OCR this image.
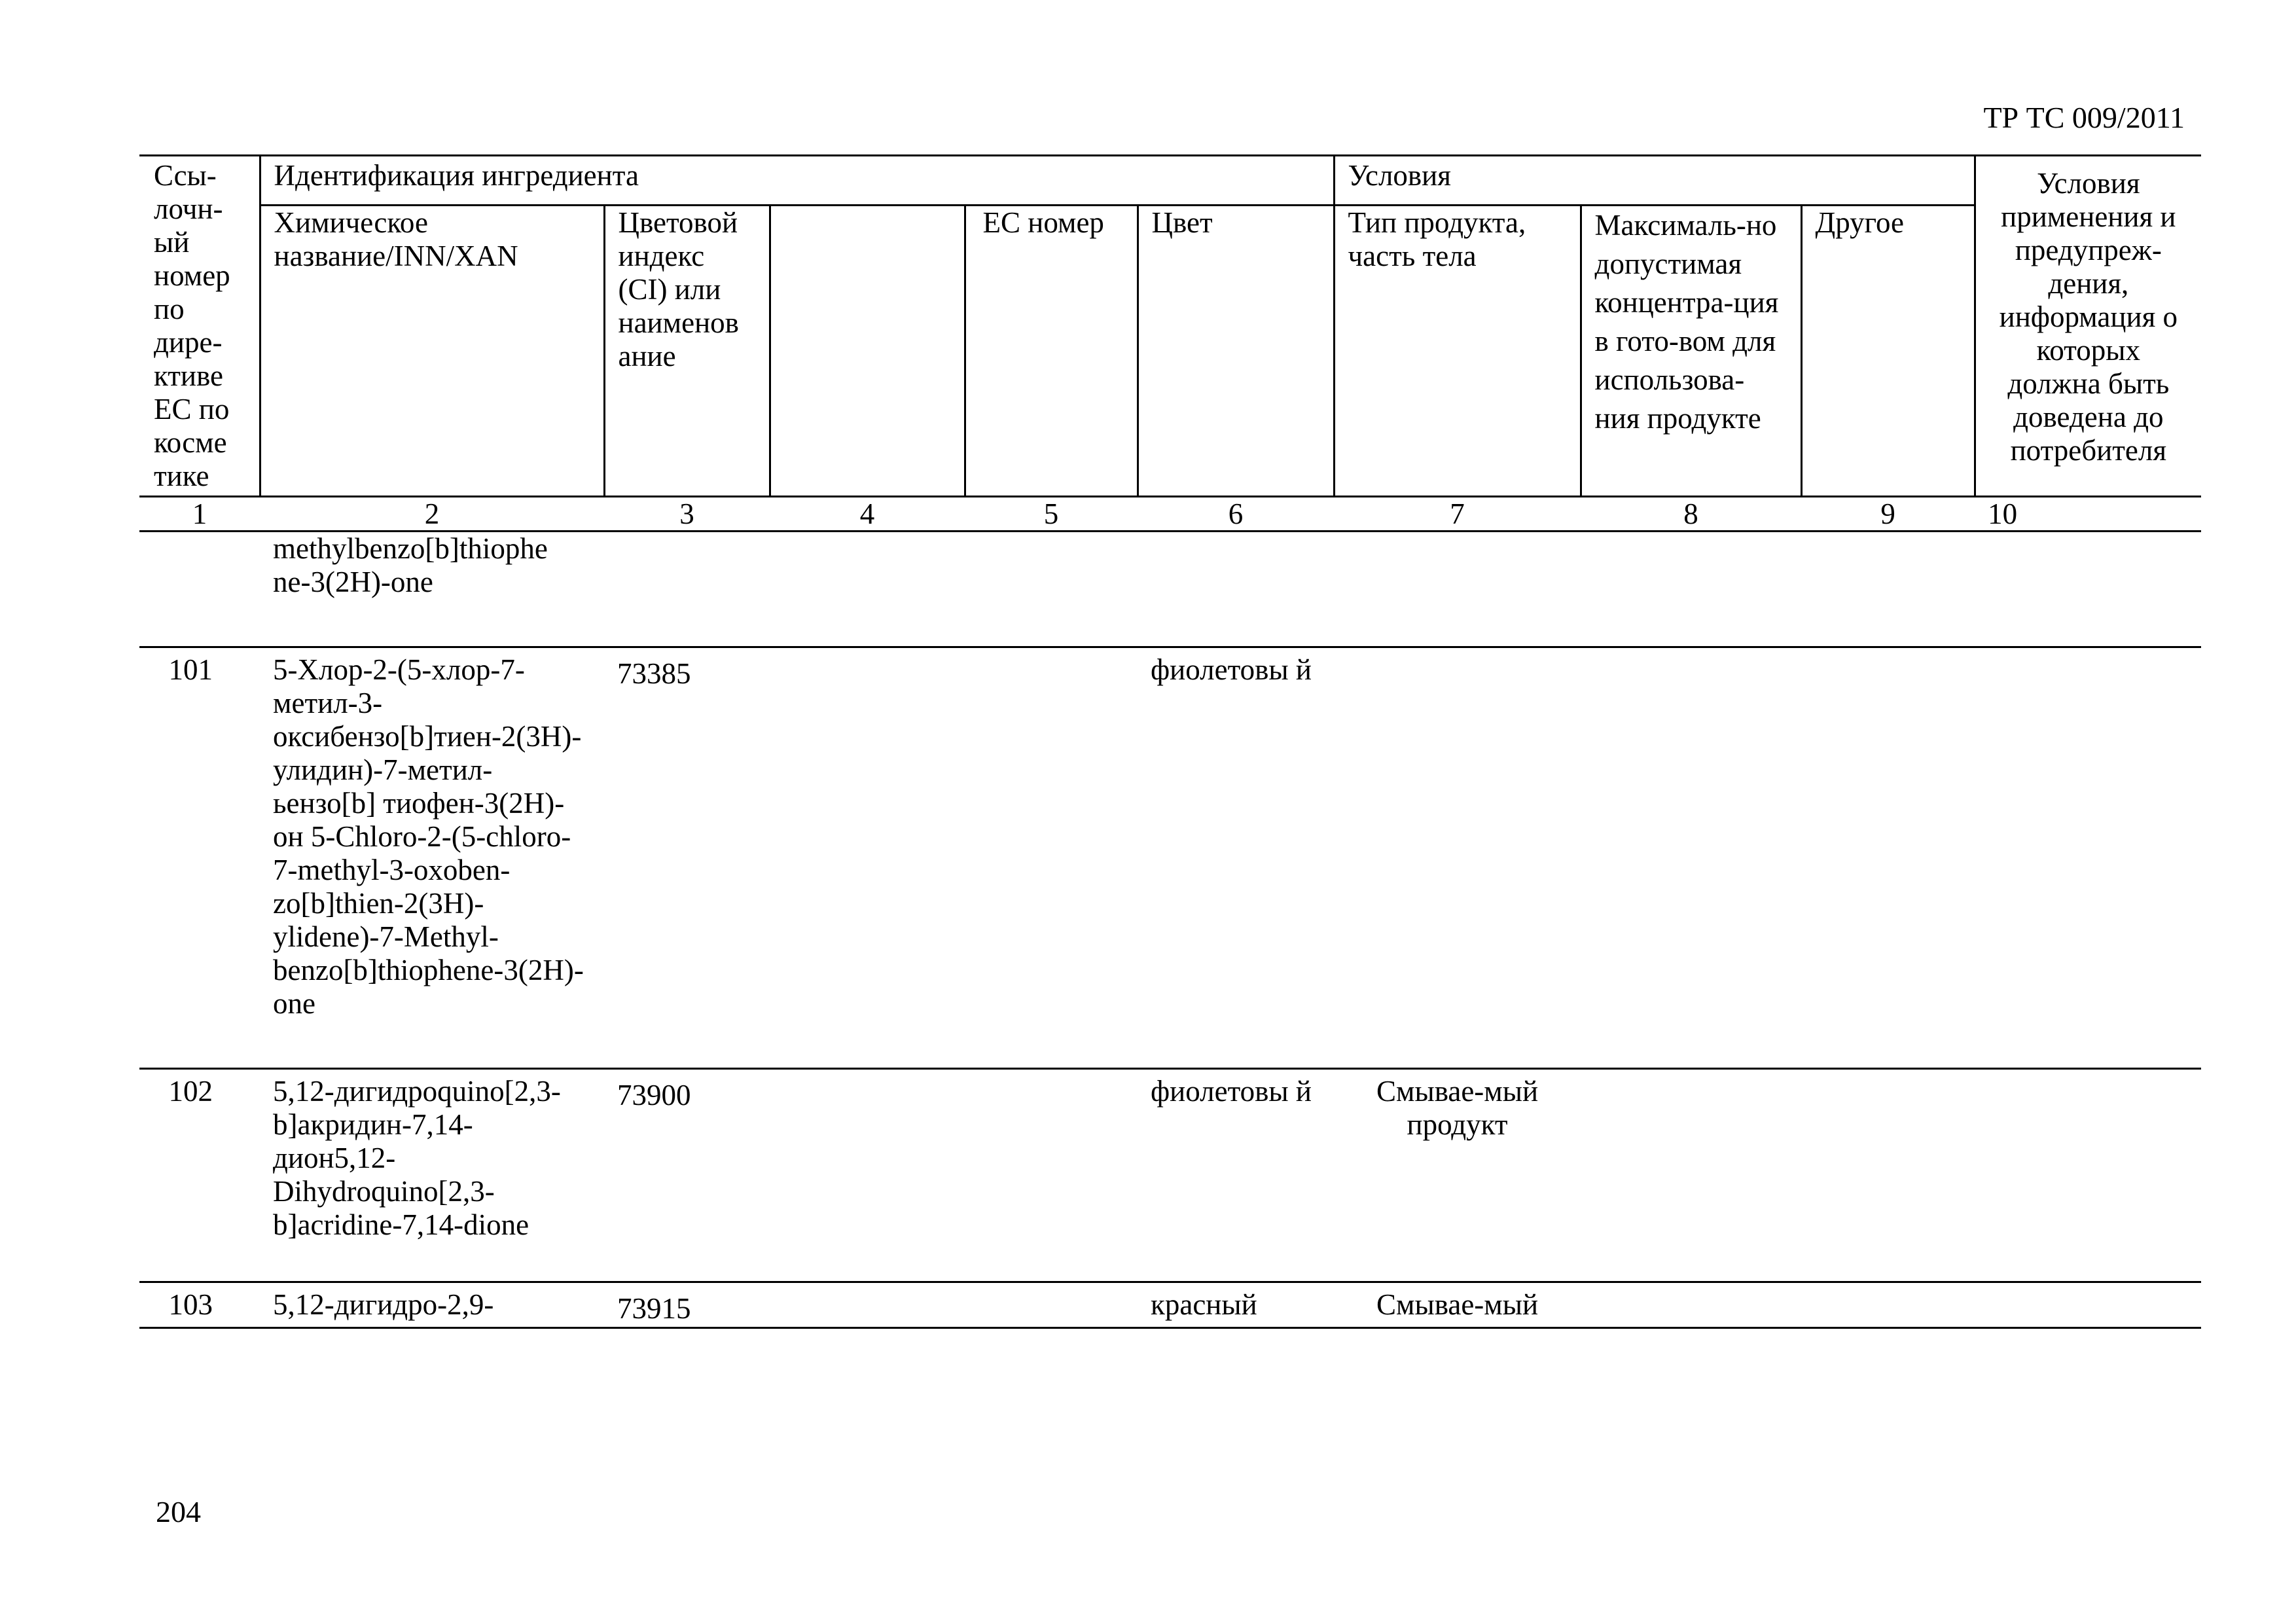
ТР ТС 009/2011
Ссы-лочн-ый номер по дире-ктиве ЕС по косме тике	Идентификация ингредиента					Условия			Условия применения и предупреж-дения, информация о которых должна быть доведена до потребителя
	Химическое название/INN/XAN	Цветовой индекс (CI) или наименов ание		ЕС номер	Цвет	Тип продукта, часть тела	Максималь-но допустимая концентра-ция в гото-вом для использова-ния продукте	Другое	
1	2	3	4	5	6	7	8	9	10
	methylbenzo[b]thiophe ne-3(2H)-one								
101	5-Хлор-2-(5-хлор-7-метил-3-оксибензо[b]тиен-2(3Н)-улидин)-7-метил-ьензо[b] тиофен-3(2Н)-он 5-Chloro-2-(5-chloro-7-methyl-3-oxoben-zo[b]thien-2(3H)-ylidene)-7-Methyl-benzo[b]thiophene-3(2H)-one	73385			фиолетовы й				
102	5,12-дигидроquino[2,3-b]акридин-7,14-дион5,12-Dihydroquino[2,3-b]acridine-7,14-dione	73900			фиолетовы й	Смывае-мый продукт			
103	5,12-дигидро-2,9-	73915			красный	Смывае-мый			
204
